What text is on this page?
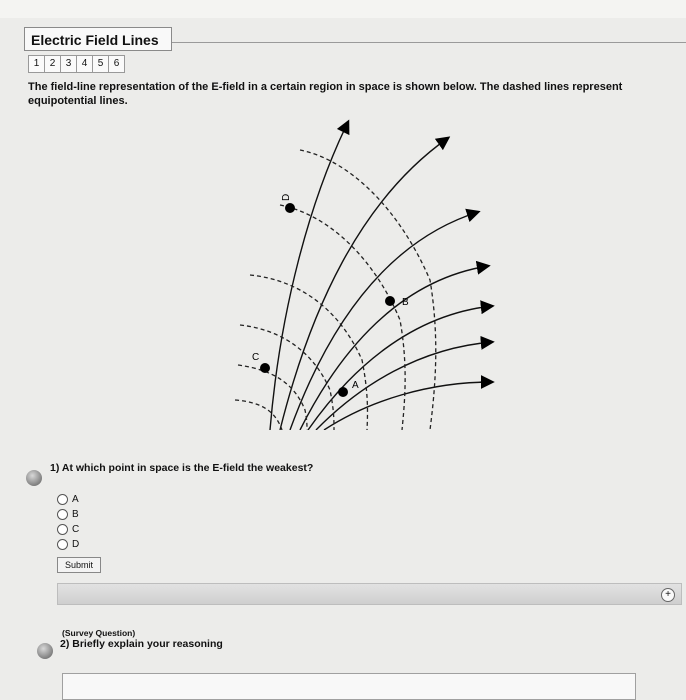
Electric Field Lines
1	2	3	4	5	6
The field-line representation of the E-field in a certain region in space is shown below. The dashed lines represent equipotential lines.
D
B
C
A
1) At which point in space is the E-field the weakest?
A
B
C
D
Submit
+
(Survey Question)
2) Briefly explain your reasoning
